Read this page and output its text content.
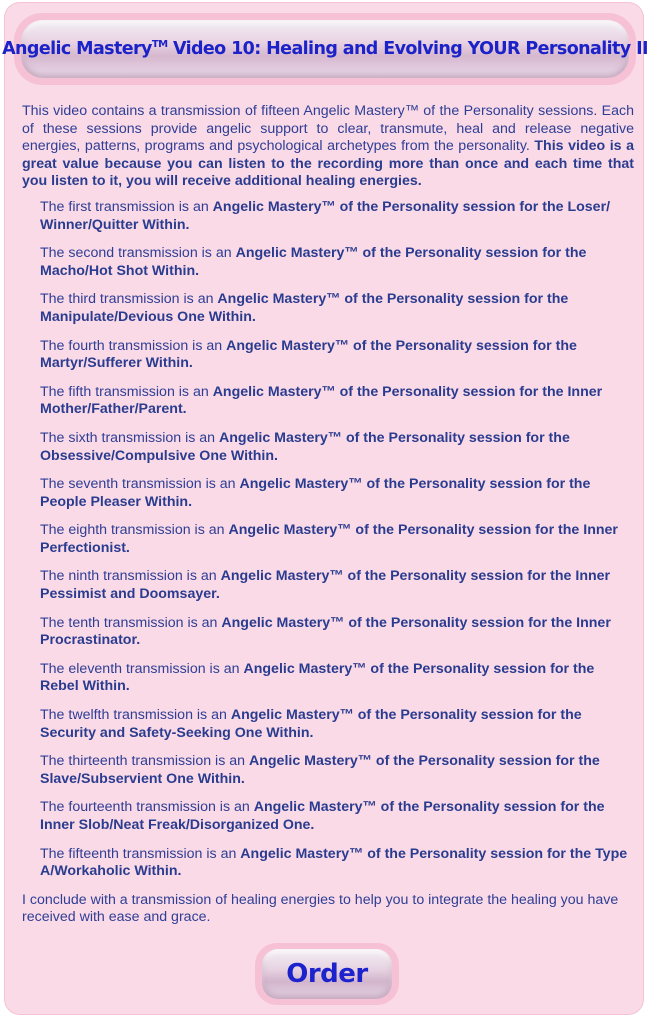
Angelic Mastery™ Video 10: Healing and Evolving YOUR Personality II

This video contains a transmission of fifteen Angelic Mastery™ of the Personality sessions. Each of these sessions provide angelic support to clear, transmute, heal and release negative energies, patterns, programs and psychological archetypes from the personality. This video is a great value because you can listen to the recording more than once and each time that you listen to it, you will receive additional healing energies.

The first transmission is an Angelic Mastery™ of the Personality session for the Loser/ Winner/Quitter Within.

The second transmission is an Angelic Mastery™ of the Personality session for the Macho/Hot Shot Within.

The third transmission is an Angelic Mastery™ of the Personality session for the Manipulate/Devious One Within.

The fourth transmission is an Angelic Mastery™ of the Personality session for the Martyr/Sufferer Within.

The fifth transmission is an Angelic Mastery™ of the Personality session for the Inner Mother/Father/Parent.

The sixth transmission is an Angelic Mastery™ of the Personality session for the Obsessive/Compulsive One Within.

The seventh transmission is an Angelic Mastery™ of the Personality session for the People Pleaser Within.

The eighth transmission is an Angelic Mastery™ of the Personality session for the Inner Perfectionist.

The ninth transmission is an Angelic Mastery™ of the Personality session for the Inner Pessimist and Doomsayer.

The tenth transmission is an Angelic Mastery™ of the Personality session for the Inner Procrastinator.

The eleventh transmission is an Angelic Mastery™ of the Personality session for the Rebel Within.

The twelfth transmission is an Angelic Mastery™ of the Personality session for the Security and Safety-Seeking One Within.

The thirteenth transmission is an Angelic Mastery™ of the Personality session for the Slave/Subservient One Within.

The fourteenth transmission is an Angelic Mastery™ of the Personality session for the Inner Slob/Neat Freak/Disorganized One.

The fifteenth transmission is an Angelic Mastery™ of the Personality session for the Type A/Workaholic Within.

I conclude with a transmission of healing energies to help you to integrate the healing you have received with ease and grace.

Order
